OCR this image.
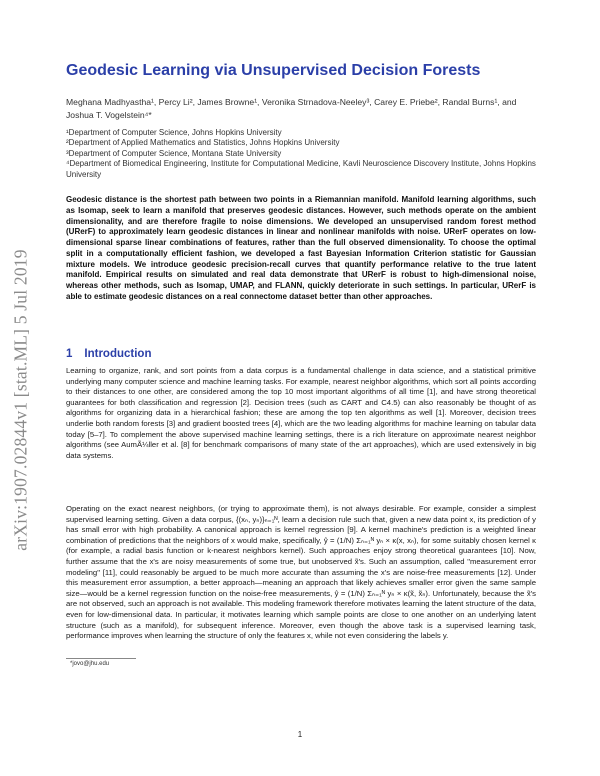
arXiv:1907.02844v1 [stat.ML] 5 Jul 2019
Geodesic Learning via Unsupervised Decision Forests
Meghana Madhyastha¹, Percy Li², James Browne¹, Veronika Strnadova-Neeley³, Carey E. Priebe², Randal Burns¹, and Joshua T. Vogelstein⁴*

¹Department of Computer Science, Johns Hopkins University

²Department of Applied Mathematics and Statistics, Johns Hopkins University

³Department of Computer Science, Montana State University

⁴Department of Biomedical Engineering, Institute for Computational Medicine, Kavli Neuroscience Discovery Institute, Johns Hopkins University

Geodesic distance is the shortest path between two points in a Riemannian manifold. Manifold learning algorithms, such as Isomap, seek to learn a manifold that preserves geodesic distances. However, such methods operate on the ambient dimensionality, and are therefore fragile to noise dimensions. We developed an unsupervised random forest method (URerF) to approximately learn geodesic distances in linear and nonlinear manifolds with noise. URerF operates on low-dimensional sparse linear combinations of features, rather than the full observed dimensionality. To choose the optimal split in a computationally efficient fashion, we developed a fast Bayesian Information Criterion statistic for Gaussian mixture models. We introduce geodesic precision-recall curves that quantify performance relative to the true latent manifold. Empirical results on simulated and real data demonstrate that URerF is robust to high-dimensional noise, whereas other methods, such as Isomap, UMAP, and FLANN, quickly deteriorate in such settings. In particular, URerF is able to estimate geodesic distances on a real connectome dataset better than other approaches.

1 Introduction

Learning to organize, rank, and sort points from a data corpus is a fundamental challenge in data science, and a statistical primitive underlying many computer science and machine learning tasks. For example, nearest neighbor algorithms, which sort all points according to their distances to one other, are considered among the top 10 most important algorithms of all time [1], and have strong theoretical guarantees for both classification and regression [2]. Decision trees (such as CART and C4.5) can also reasonably be thought of as algorithms for organizing data in a hierarchical fashion; these are among the top ten algorithms as well [1]. Moreover, decision trees underlie both random forests [3] and gradient boosted trees [4], which are the two leading algorithms for machine learning on tabular data today [5–7]. To complement the above supervised machine learning settings, there is a rich literature on approximate nearest neighbor algorithms (see AumÃ¼ller et al. [8] for benchmark comparisons of many state of the art approaches), which are used extensively in big data systems.

Operating on the exact nearest neighbors, (or trying to approximate them), is not always desirable. For example, consider a simplest supervised learning setting. Given a data corpus, {(xₙ, yₙ)}ₙ₌₁ᴺ, learn a decision rule such that, given a new data point x, its prediction of y has small error with high probability. A canonical approach is kernel regression [9]. A kernel machine's prediction is a weighted linear combination of predictions that the neighbors of x would make, specifically, ŷ = (1/N) Σₙ₌₁ᴺ yₙ × κ(x, xₙ), for some suitably chosen kernel κ (for example, a radial basis function or k-nearest neighbors kernel). Such approaches enjoy strong theoretical guarantees [10]. Now, further assume that the x's are noisy measurements of some true, but unobserved x̃'s. Such an assumption, called "measurement error modeling" [11], could reasonably be argued to be much more accurate than assuming the x's are noise-free measurements [12]. Under this measurement error assumption, a better approach—meaning an approach that likely achieves smaller error given the same sample size—would be a kernel regression function on the noise-free measurements, ŷ = (1/N) Σₙ₌₁ᴺ yₙ × κ(x̃, x̃ₙ). Unfortunately, because the x̃'s are not observed, such an approach is not available. This modeling framework therefore motivates learning the latent structure of the data, even for low-dimensional data. In particular, it motivates learning which sample points are close to one another on an underlying latent structure (such as a manifold), for subsequent inference. Moreover, even though the above task is a supervised learning task, performance improves when learning the structure of only the features x, while not even considering the labels y.

*jovo@jhu.edu
1
